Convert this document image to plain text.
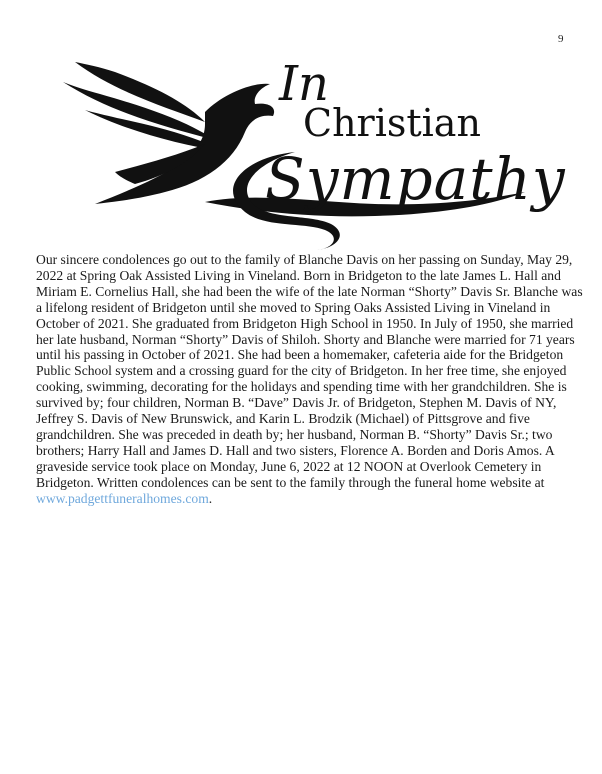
9
In
Christian
Sympathy

Our sincere condolences go out to the family of Blanche Davis on her passing on Sunday, May 29, 2022 at Spring Oak Assisted Living in Vineland. Born in Bridgeton to the late James L. Hall and Miriam E. Cornelius Hall, she had been the wife of the late Norman “Shorty” Davis Sr. Blanche was a lifelong resident of Bridgeton until she moved to Spring Oaks Assisted Living in Vineland in October of 2021. She graduated from Bridgeton High School in 1950. In July of 1950, she married her late husband, Norman “Shorty” Davis of Shiloh. Shorty and Blanche were married for 71 years until his passing in October of 2021. She had been a homemaker, cafeteria aide for the Bridgeton Public School system and a crossing guard for the city of Bridgeton. In her free time, she enjoyed cooking, swimming, decorating for the holidays and spending time with her grandchildren. She is survived by; four children, Norman B. “Dave” Davis Jr. of Bridgeton, Stephen M. Davis of NY, Jeffrey S. Davis of New Brunswick, and Karin L. Brodzik (Michael) of Pittsgrove and five grandchildren. She was preceded in death by; her husband, Norman B. “Shorty” Davis Sr.; two brothers; Harry Hall and James D. Hall and two sisters, Florence A. Borden and Doris Amos. A graveside service took place on Monday, June 6, 2022 at 12 NOON at Overlook Cemetery in Bridgeton. Written condolences can be sent to the family through the funeral home website at www.padgettfuneralhomes.com.
